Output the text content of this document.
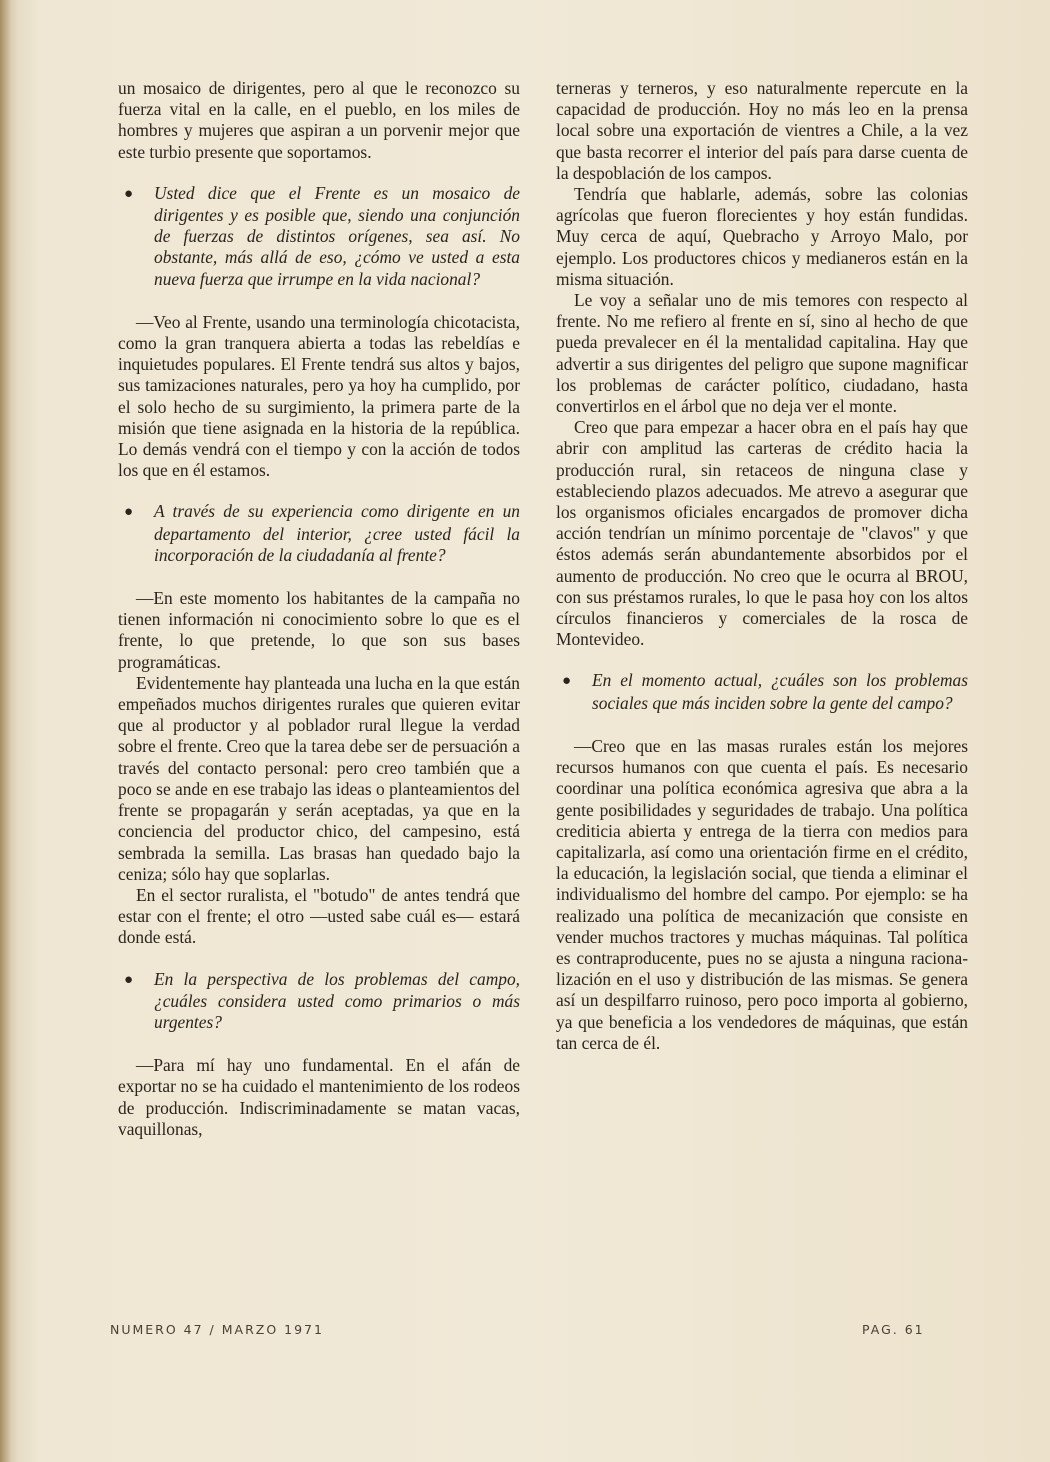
un mosaico de dirigentes, pero al que le reconozco su fuerza vital en la calle, en el pueblo, en los miles de hombres y mujeres que aspiran a un porvenir mejor que este turbio presente que soportamos.

● Usted dice que el Frente es un mosaico de dirigentes y es posible que, siendo una conjunción de fuerzas de distintos orígenes, sea así. No obstante, más allá de eso, ¿cómo ve usted a esta nueva fuerza que irrumpe en la vida nacional?

—Veo al Frente, usando una terminología chicotacista, como la gran tranquera abierta a todas las rebeldías e inquietudes populares. El Frente tendrá sus altos y bajos, sus tamizaciones naturales, pero ya hoy ha cumplido, por el solo hecho de su surgimiento, la primera parte de la misión que tiene asignada en la historia de la república. Lo demás vendrá con el tiempo y con la acción de todos los que en él estamos.

● A través de su experiencia como dirigente en un departamento del interior, ¿cree usted fácil la incorporación de la ciudadanía al frente?

—En este momento los habitantes de la campaña no tienen información ni conocimiento sobre lo que es el frente, lo que pretende, lo que son sus bases programáticas.

Evidentemente hay planteada una lucha en la que están empeñados muchos dirigentes rurales que quieren evitar que al productor y al poblador rural llegue la verdad sobre el frente. Creo que la tarea debe ser de persuación a través del contacto personal: pero creo también que a poco se ande en ese trabajo las ideas o planteamientos del frente se propagarán y serán aceptadas, ya que en la conciencia del productor chico, del campesino, está sembrada la semilla. Las brasas han quedado bajo la ceniza; sólo hay que soplarlas.

En el sector ruralista, el "botudo" de antes tendrá que estar con el frente; el otro —usted sabe cuál es— estará donde está.

● En la perspectiva de los problemas del campo, ¿cuáles considera usted como primarios o más urgentes?

—Para mí hay uno fundamental. En el afán de exportar no se ha cuidado el mantenimiento de los rodeos de producción. Indiscriminadamente se matan vacas, vaquillonas,

terneras y terneros, y eso naturalmente repercute en la capacidad de producción. Hoy no más leo en la prensa local sobre una exportación de vientres a Chile, a la vez que basta recorrer el interior del país para darse cuenta de la despoblación de los campos.

Tendría que hablarle, además, sobre las colonias agrícolas que fueron florecientes y hoy están fundidas. Muy cerca de aquí, Quebracho y Arroyo Malo, por ejemplo. Los productores chicos y medianeros están en la misma situación.

Le voy a señalar uno de mis temores con respecto al frente. No me refiero al frente en sí, sino al hecho de que pueda prevalecer en él la mentalidad capitalina. Hay que advertir a sus dirigentes del peligro que supone magnificar los problemas de carácter político, ciudadano, hasta convertirlos en el árbol que no deja ver el monte.

Creo que para empezar a hacer obra en el país hay que abrir con amplitud las carteras de crédito hacia la producción rural, sin retaceos de ninguna clase y estableciendo plazos adecuados. Me atrevo a asegurar que los organismos oficiales encargados de promover dicha acción tendrían un mínimo porcentaje de "clavos" y que éstos además serán abundantemente absorbidos por el aumento de producción. No creo que le ocurra al BROU, con sus préstamos rurales, lo que le pasa hoy con los altos círculos financieros y comerciales de la rosca de Montevideo.

● En el momento actual, ¿cuáles son los problemas sociales que más inciden sobre la gente del campo?

—Creo que en las masas rurales están los mejores recursos humanos con que cuenta el país. Es necesario coordinar una política económica agresiva que abra a la gente posibilidades y seguridades de trabajo. Una política crediticia abierta y entrega de la tierra con medios para capitalizarla, así como una orientación firme en el crédito, la educación, la legislación social, que tienda a eliminar el individualismo del hombre del campo. Por ejemplo: se ha realizado una política de mecanización que consiste en vender muchos tractores y muchas máquinas. Tal política es contraproducente, pues no se ajusta a ninguna racionalización en el uso y distribución de las mismas. Se genera así un despilfarro ruinoso, pero poco importa al gobierno, ya que beneficia a los vendedores de máquinas, que están tan cerca de él.

NUMERO 47 / MARZO 1971	PAG. 61
